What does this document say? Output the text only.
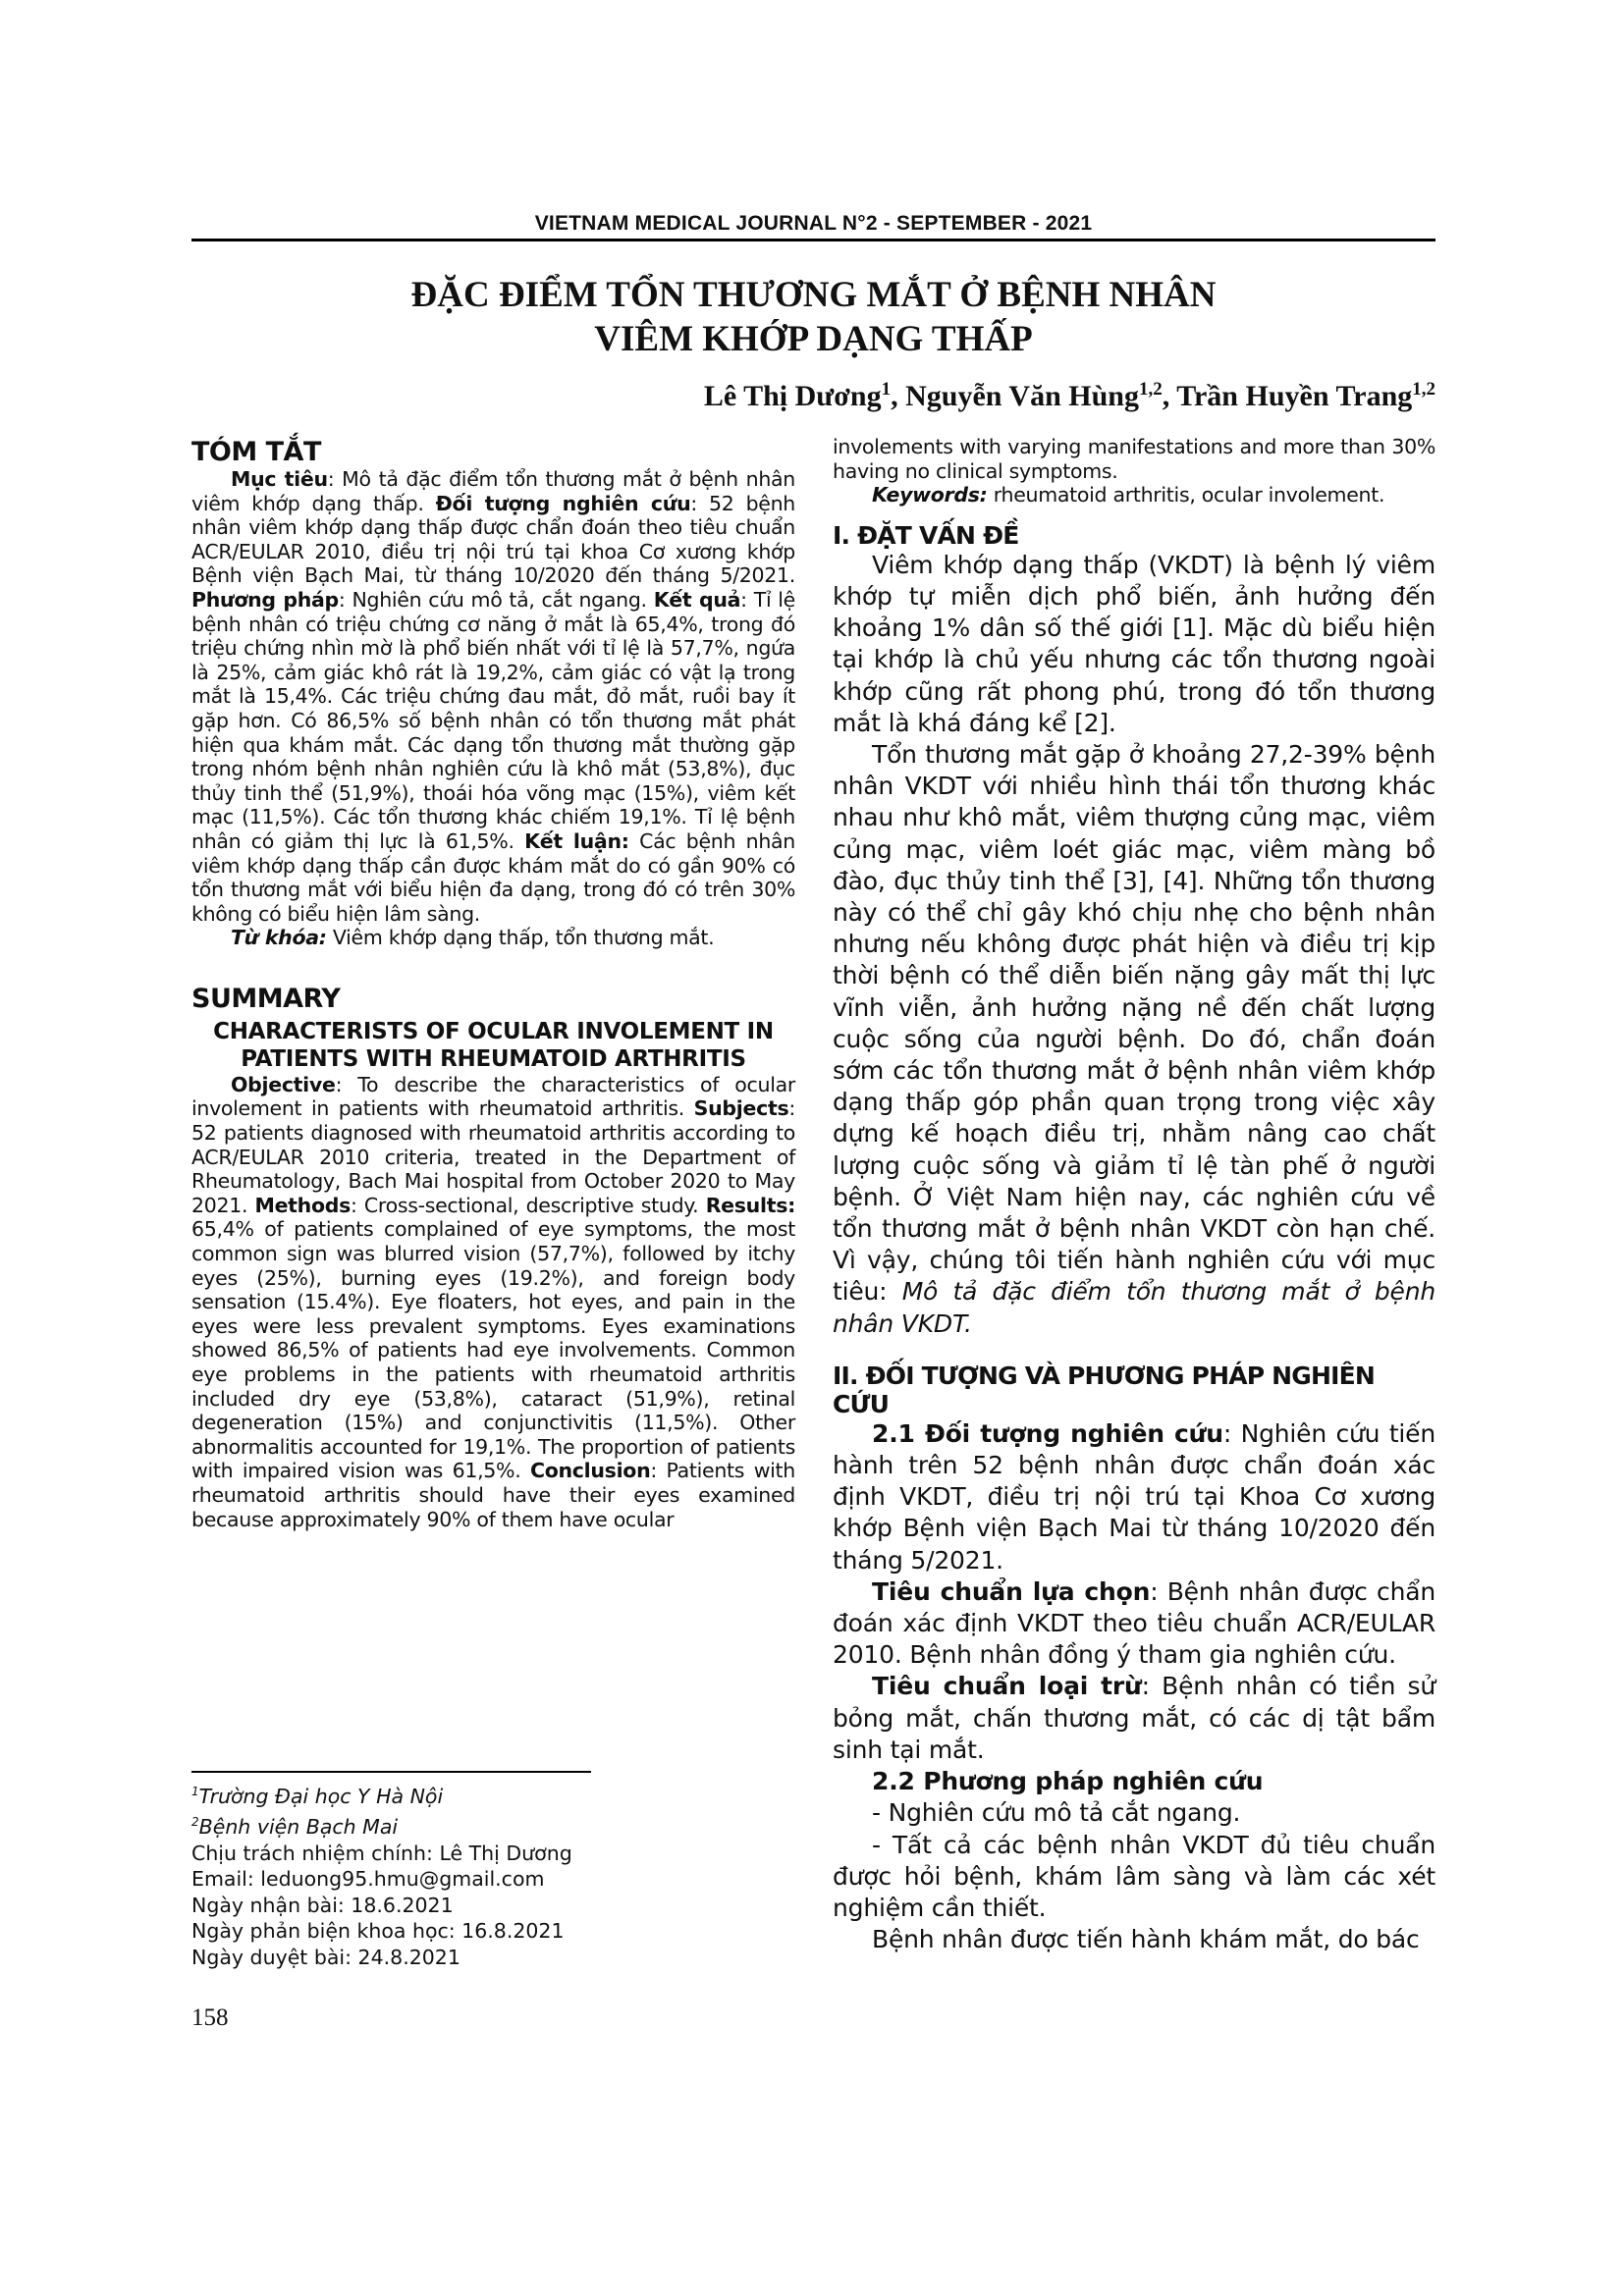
VIETNAM MEDICAL JOURNAL N°2 - SEPTEMBER - 2021
ĐẶC ĐIỂM TỔN THƯƠNG MẮT Ở BỆNH NHÂN
VIÊM KHỚP DẠNG THẤP
Lê Thị Dương$^1$, Nguyễn Văn Hùng$^{1,2}$, Trần Huyền Trang$^{1,2}$
TÓM TẮT

Mục tiêu: Mô tả đặc điểm tổn thương mắt ở bệnh nhân viêm khớp dạng thấp. Đối tượng nghiên cứu: 52 bệnh nhân viêm khớp dạng thấp được chẩn đoán theo tiêu chuẩn ACR/EULAR 2010, điều trị nội trú tại khoa Cơ xương khớp Bệnh viện Bạch Mai, từ tháng 10/2020 đến tháng 5/2021. Phương pháp: Nghiên cứu mô tả, cắt ngang. Kết quả: Tỉ lệ bệnh nhân có triệu chứng cơ năng ở mắt là 65,4%, trong đó triệu chứng nhìn mờ là phổ biến nhất với tỉ lệ là 57,7%, ngứa là 25%, cảm giác khô rát là 19,2%, cảm giác có vật lạ trong mắt là 15,4%. Các triệu chứng đau mắt, đỏ mắt, ruồi bay ít gặp hơn. Có 86,5% số bệnh nhân có tổn thương mắt phát hiện qua khám mắt. Các dạng tổn thương mắt thường gặp trong nhóm bệnh nhân nghiên cứu là khô mắt (53,8%), đục thủy tinh thể (51,9%), thoái hóa võng mạc (15%), viêm kết mạc (11,5%). Các tổn thương khác chiếm 19,1%. Tỉ lệ bệnh nhân có giảm thị lực là 61,5%. Kết luận: Các bệnh nhân viêm khớp dạng thấp cần được khám mắt do có gần 90% có tổn thương mắt với biểu hiện đa dạng, trong đó có trên 30% không có biểu hiện lâm sàng.

Từ khóa: Viêm khớp dạng thấp, tổn thương mắt.

SUMMARY
CHARACTERISTS OF OCULAR INVOLEMENT IN PATIENTS WITH RHEUMATOID ARTHRITIS

Objective: To describe the characteristics of ocular involement in patients with rheumatoid arthritis. Subjects: 52 patients diagnosed with rheumatoid arthritis according to ACR/EULAR 2010 criteria, treated in the Department of Rheumatology, Bach Mai hospital from October 2020 to May 2021. Methods: Cross-sectional, descriptive study. Results: 65,4% of patients complained of eye symptoms, the most common sign was blurred vision (57,7%), followed by itchy eyes (25%), burning eyes (19.2%), and foreign body sensation (15.4%). Eye floaters, hot eyes, and pain in the eyes were less prevalent symptoms. Eyes examinations showed 86,5% of patients had eye involvements. Common eye problems in the patients with rheumatoid arthritis included dry eye (53,8%), cataract (51,9%), retinal degeneration (15%) and conjunctivitis (11,5%). Other abnormalitis accounted for 19,1%. The proportion of patients with impaired vision was 61,5%. Conclusion: Patients with rheumatoid arthritis should have their eyes examined because approximately 90% of them have ocular

involements with varying manifestations and more than 30% having no clinical symptoms.

Keywords: rheumatoid arthritis, ocular involement.

I. ĐẶT VẤN ĐỀ

Viêm khớp dạng thấp (VKDT) là bệnh lý viêm khớp tự miễn dịch phổ biến, ảnh hưởng đến khoảng 1% dân số thế giới [1]. Mặc dù biểu hiện tại khớp là chủ yếu nhưng các tổn thương ngoài khớp cũng rất phong phú, trong đó tổn thương mắt là khá đáng kể [2].

Tổn thương mắt gặp ở khoảng 27,2-39% bệnh nhân VKDT với nhiều hình thái tổn thương khác nhau như khô mắt, viêm thượng củng mạc, viêm củng mạc, viêm loét giác mạc, viêm màng bồ đào, đục thủy tinh thể [3], [4]. Những tổn thương này có thể chỉ gây khó chịu nhẹ cho bệnh nhân nhưng nếu không được phát hiện và điều trị kịp thời bệnh có thể diễn biến nặng gây mất thị lực vĩnh viễn, ảnh hưởng nặng nề đến chất lượng cuộc sống của người bệnh. Do đó, chẩn đoán sớm các tổn thương mắt ở bệnh nhân viêm khớp dạng thấp góp phần quan trọng trong việc xây dựng kế hoạch điều trị, nhằm nâng cao chất lượng cuộc sống và giảm tỉ lệ tàn phế ở người bệnh. Ở Việt Nam hiện nay, các nghiên cứu về tổn thương mắt ở bệnh nhân VKDT còn hạn chế. Vì vậy, chúng tôi tiến hành nghiên cứu với mục tiêu: Mô tả đặc điểm tổn thương mắt ở bệnh nhân VKDT.

II. ĐỐI TƯỢNG VÀ PHƯƠNG PHÁP NGHIÊN CỨU

2.1 Đối tượng nghiên cứu: Nghiên cứu tiến hành trên 52 bệnh nhân được chẩn đoán xác định VKDT, điều trị nội trú tại Khoa Cơ xương khớp Bệnh viện Bạch Mai từ tháng 10/2020 đến tháng 5/2021.

Tiêu chuẩn lựa chọn: Bệnh nhân được chẩn đoán xác định VKDT theo tiêu chuẩn ACR/EULAR 2010. Bệnh nhân đồng ý tham gia nghiên cứu.

Tiêu chuẩn loại trừ: Bệnh nhân có tiền sử bỏng mắt, chấn thương mắt, có các dị tật bẩm sinh tại mắt.

2.2 Phương pháp nghiên cứu

- Nghiên cứu mô tả cắt ngang.

- Tất cả các bệnh nhân VKDT đủ tiêu chuẩn được hỏi bệnh, khám lâm sàng và làm các xét nghiệm cần thiết.

Bệnh nhân được tiến hành khám mắt, do bác

$^1$Trường Đại học Y Hà Nội
$^2$Bệnh viện Bạch Mai
Chịu trách nhiệm chính: Lê Thị Dương
Email: leduong95.hmu@gmail.com
Ngày nhận bài: 18.6.2021
Ngày phản biện khoa học: 16.8.2021
Ngày duyệt bài: 24.8.2021
158
